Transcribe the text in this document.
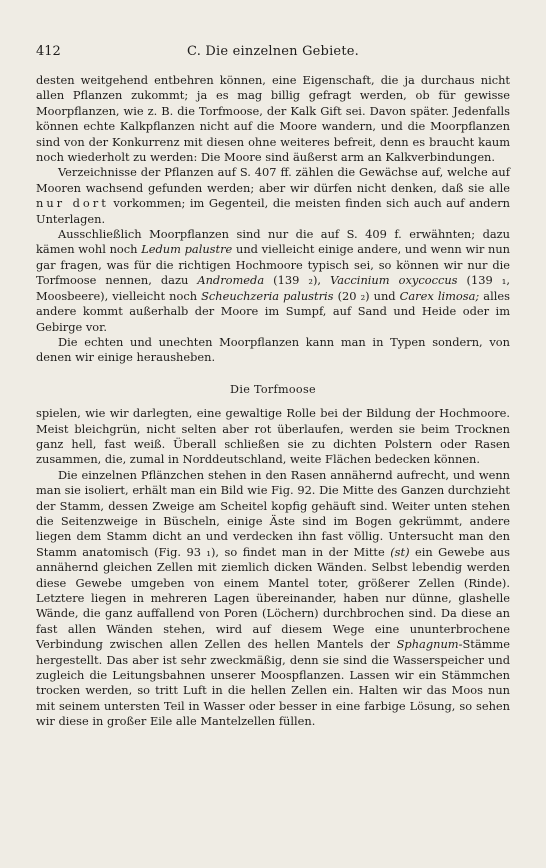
412	C. Die einzelnen Gebiete.

desten weitgehend entbehren können, eine Eigenschaft, die ja durchaus nicht allen Pflanzen zukommt; ja es mag billig gefragt werden, ob für gewisse Moorpflanzen, wie z. B. die Torfmoose, der Kalk Gift sei. Davon später. Jedenfalls können echte Kalkpflanzen nicht auf die Moore wandern, und die Moorpflanzen sind von der Konkurrenz mit diesen ohne weiteres befreit, denn es braucht kaum noch wiederholt zu werden: Die Moore sind äußerst arm an Kalkverbindungen.

Verzeichnisse der Pflanzen auf S. 407 ff. zählen die Gewächse auf, welche auf Mooren wachsend gefunden werden; aber wir dürfen nicht denken, daß sie alle nur dort vorkommen; im Gegenteil, die meisten finden sich auch auf andern Unterlagen.

Ausschließlich Moorpflanzen sind nur die auf S. 409 f. erwähnten; dazu kämen wohl noch Ledum palustre und vielleicht einige andere, und wenn wir nun gar fragen, was für die richtigen Hochmoore typisch sei, so können wir nur die Torfmoose nennen, dazu Andromeda (139 ₂), Vaccinium oxycoccus (139 ₁, Moosbeere), vielleicht noch Scheuchzeria palustris (20 ₂) und Carex limosa; alles andere kommt außerhalb der Moore im Sumpf, auf Sand und Heide oder im Gebirge vor.

Die echten und unechten Moorpflanzen kann man in Typen sondern, von denen wir einige herausheben.

Die Torfmoose

spielen, wie wir darlegten, eine gewaltige Rolle bei der Bildung der Hochmoore. Meist bleichgrün, nicht selten aber rot überlaufen, werden sie beim Trocknen ganz hell, fast weiß. Überall schließen sie zu dichten Polstern oder Rasen zusammen, die, zumal in Norddeutschland, weite Flächen bedecken können.

Die einzelnen Pflänzchen stehen in den Rasen annähernd aufrecht, und wenn man sie isoliert, erhält man ein Bild wie Fig. 92. Die Mitte des Ganzen durchzieht der Stamm, dessen Zweige am Scheitel kopfig gehäuft sind. Weiter unten stehen die Seitenzweige in Büscheln, einige Äste sind im Bogen gekrümmt, andere liegen dem Stamm dicht an und verdecken ihn fast völlig. Untersucht man den Stamm anatomisch (Fig. 93 ₁), so findet man in der Mitte (st) ein Gewebe aus annähernd gleichen Zellen mit ziemlich dicken Wänden. Selbst lebendig werden diese Gewebe umgeben von einem Mantel toter, größerer Zellen (Rinde). Letztere liegen in mehreren Lagen übereinander, haben nur dünne, glashelle Wände, die ganz auffallend von Poren (Löchern) durchbrochen sind. Da diese an fast allen Wänden stehen, wird auf diesem Wege eine ununterbrochene Verbindung zwischen allen Zellen des hellen Mantels der Sphagnum-Stämme hergestellt. Das aber ist sehr zweckmäßig, denn sie sind die Wasserspeicher und zugleich die Leitungsbahnen unserer Moospflanzen. Lassen wir ein Stämmchen trocken werden, so tritt Luft in die hellen Zellen ein. Halten wir das Moos nun mit seinem untersten Teil in Wasser oder besser in eine farbige Lösung, so sehen wir diese in großer Eile alle Mantelzellen füllen.
